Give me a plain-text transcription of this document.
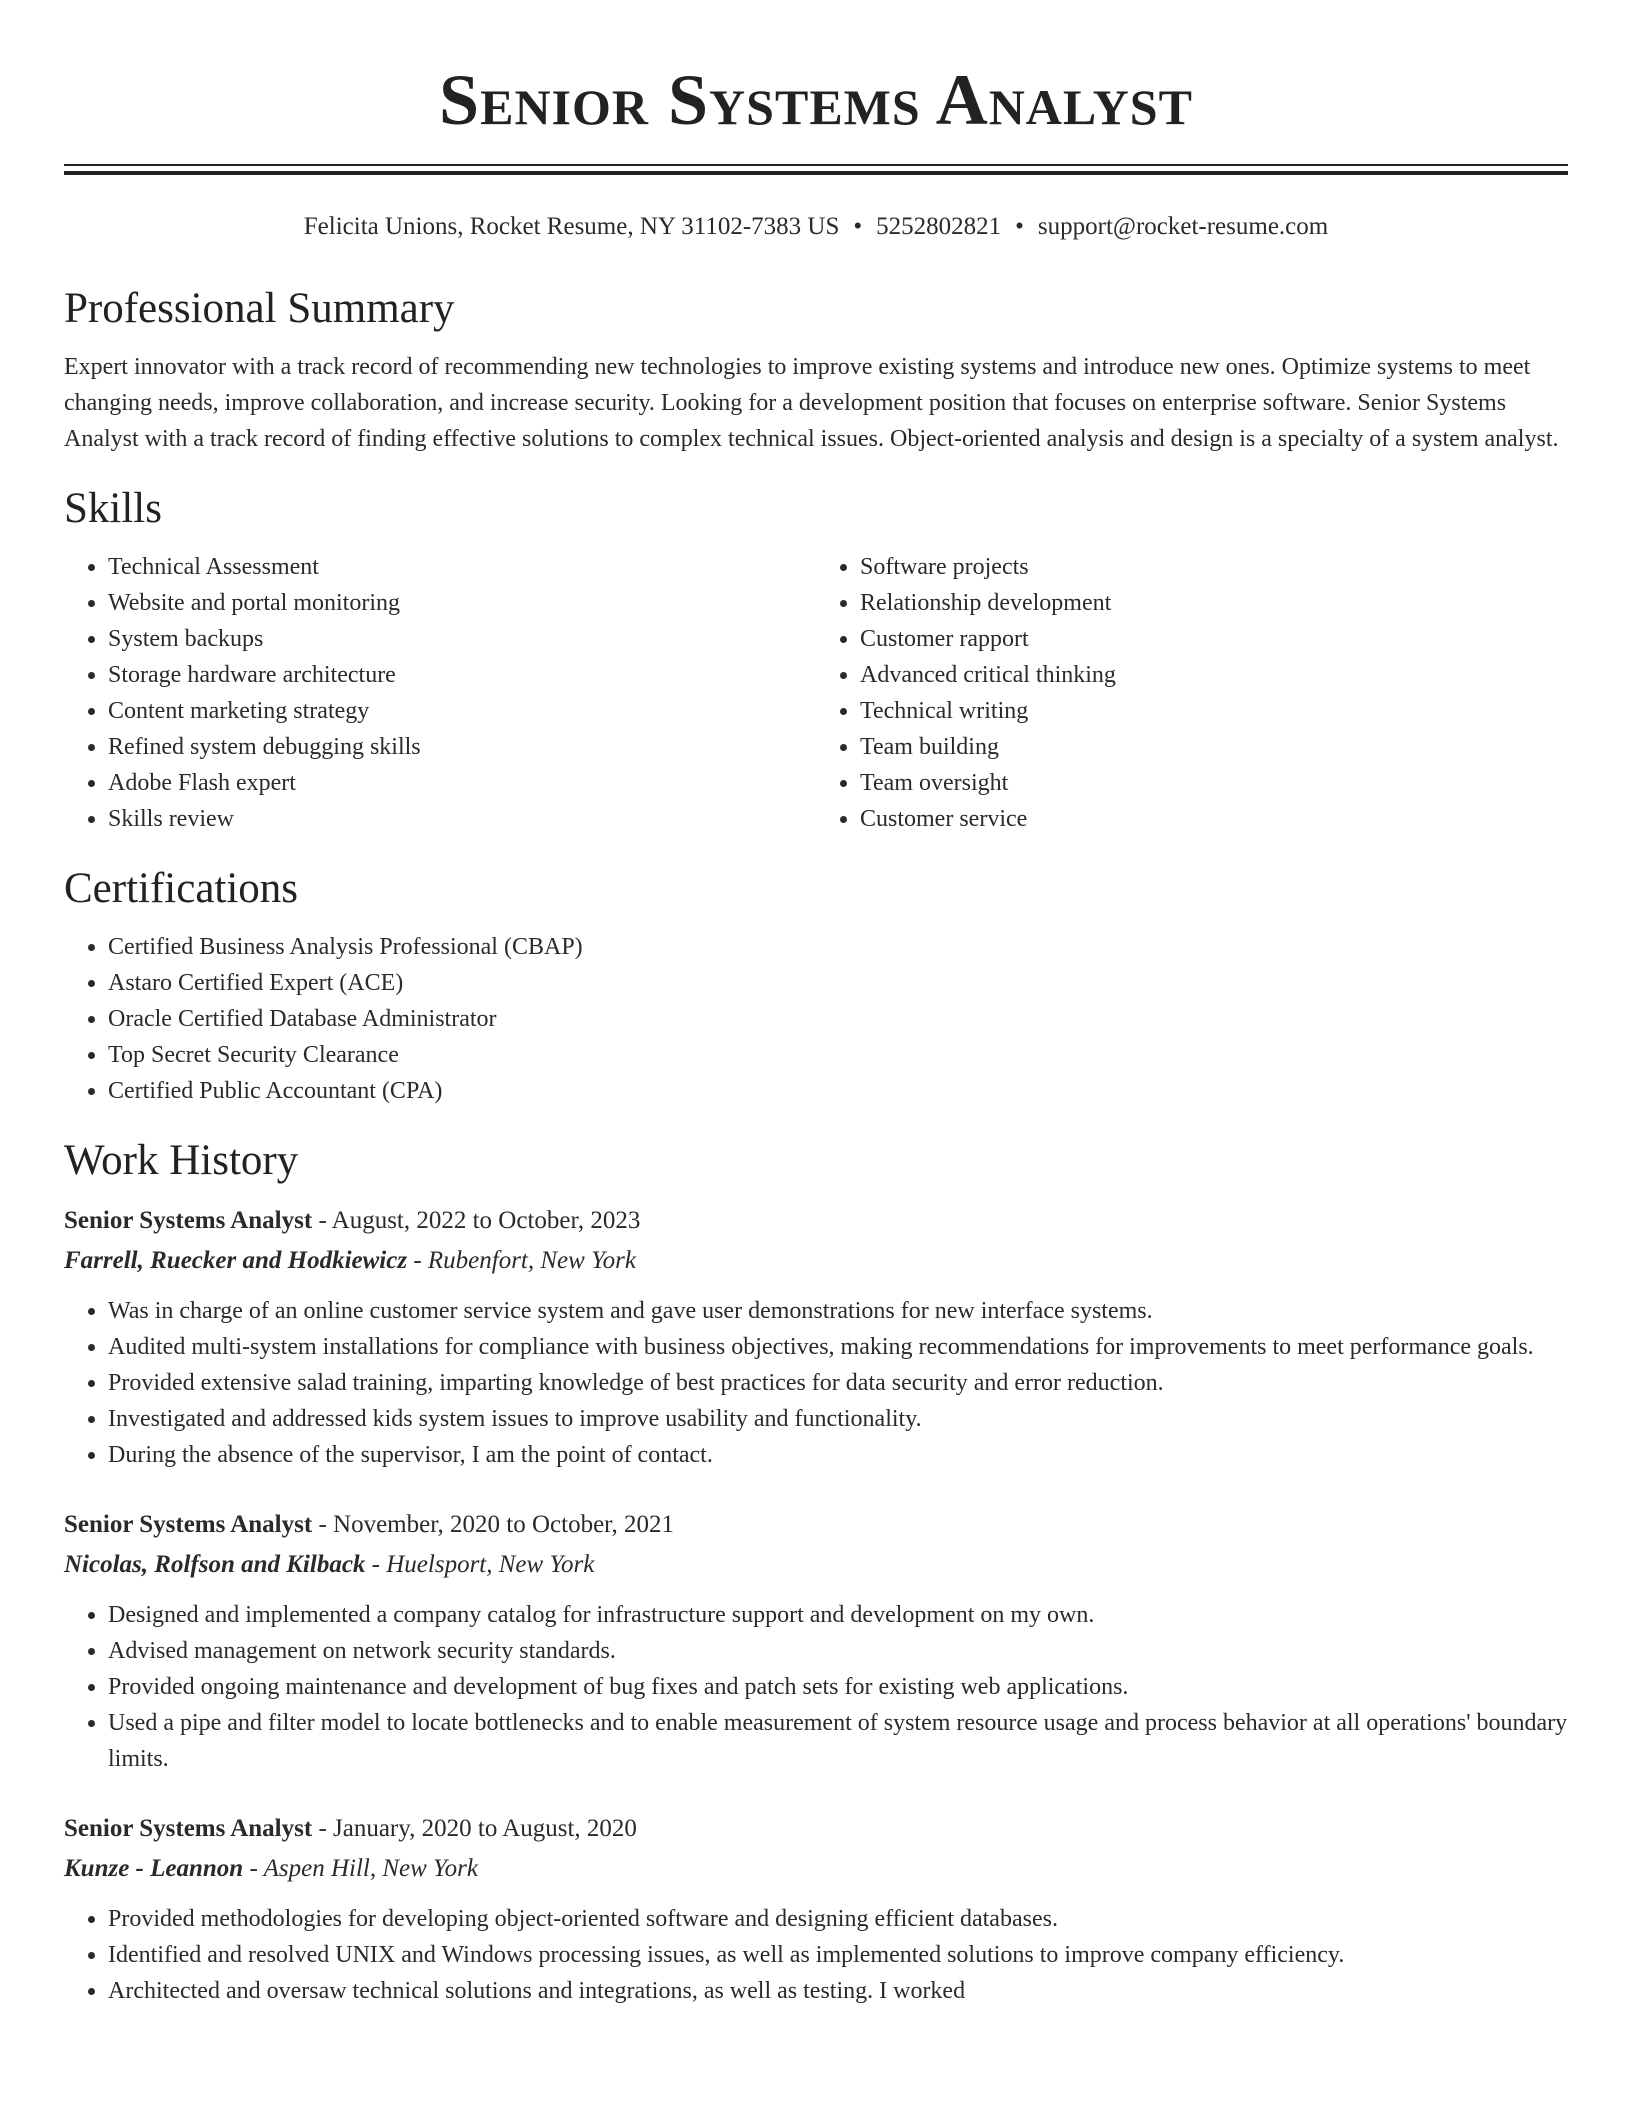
Senior Systems Analyst
Felicita Unions, Rocket Resume, NY 31102-7383 US • 5252802821 • support@rocket-resume.com
Professional Summary

Expert innovator with a track record of recommending new technologies to improve existing systems and introduce new ones. Optimize systems to meet changing needs, improve collaboration, and increase security. Looking for a development position that focuses on enterprise software. Senior Systems Analyst with a track record of finding effective solutions to complex technical issues. Object-oriented analysis and design is a specialty of a system analyst.

Skills
• Technical Assessment
• Website and portal monitoring
• System backups
• Storage hardware architecture
• Content marketing strategy
• Refined system debugging skills
• Adobe Flash expert
• Skills review
• Software projects
• Relationship development
• Customer rapport
• Advanced critical thinking
• Technical writing
• Team building
• Team oversight
• Customer service
Certifications
• Certified Business Analysis Professional (CBAP)
• Astaro Certified Expert (ACE)
• Oracle Certified Database Administrator
• Top Secret Security Clearance
• Certified Public Accountant (CPA)
Work History
Senior Systems Analyst - August, 2022 to October, 2023
Farrell, Ruecker and Hodkiewicz - Rubenfort, New York
• Was in charge of an online customer service system and gave user demonstrations for new interface systems.
• Audited multi-system installations for compliance with business objectives, making recommendations for improvements to meet performance goals.
• Provided extensive salad training, imparting knowledge of best practices for data security and error reduction.
• Investigated and addressed kids system issues to improve usability and functionality.
• During the absence of the supervisor, I am the point of contact.
Senior Systems Analyst - November, 2020 to October, 2021
Nicolas, Rolfson and Kilback - Huelsport, New York
• Designed and implemented a company catalog for infrastructure support and development on my own.
• Advised management on network security standards.
• Provided ongoing maintenance and development of bug fixes and patch sets for existing web applications.
• Used a pipe and filter model to locate bottlenecks and to enable measurement of system resource usage and process behavior at all operations' boundary limits.
Senior Systems Analyst - January, 2020 to August, 2020
Kunze - Leannon - Aspen Hill, New York
• Provided methodologies for developing object-oriented software and designing efficient databases.
• Identified and resolved UNIX and Windows processing issues, as well as implemented solutions to improve company efficiency.
• Architected and oversaw technical solutions and integrations, as well as testing. I worked
